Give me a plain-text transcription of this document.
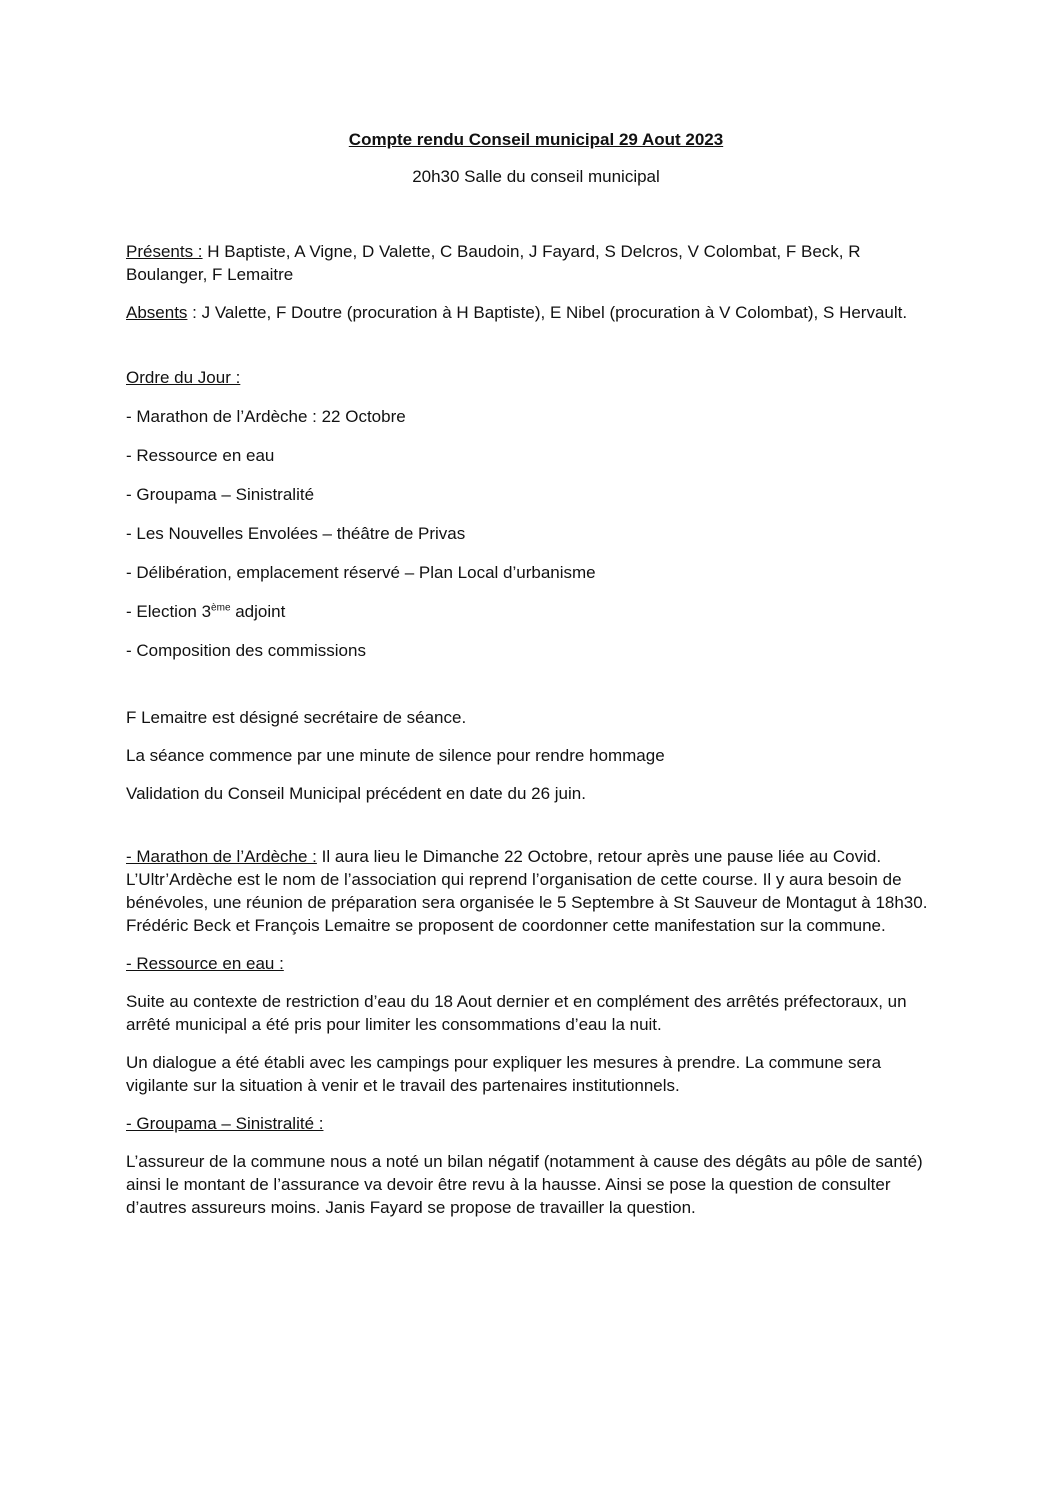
Compte rendu Conseil municipal 29 Aout 2023
20h30 Salle du conseil municipal

Présents : H Baptiste, A Vigne, D Valette, C Baudoin, J Fayard, S Delcros, V Colombat, F Beck, R Boulanger, F Lemaitre

Absents : J Valette, F Doutre (procuration à H Baptiste), E Nibel (procuration à V Colombat), S Hervault.

Ordre du Jour :

- Marathon de l’Ardèche : 22 Octobre

- Ressource en eau

- Groupama – Sinistralité

- Les Nouvelles Envolées – théâtre de Privas

- Délibération, emplacement réservé – Plan Local d’urbanisme

- Election 3ème adjoint

- Composition des commissions

F Lemaitre est désigné secrétaire de séance.

La séance commence par une minute de silence pour rendre hommage

Validation du Conseil Municipal précédent en date du 26 juin.

- Marathon de l’Ardèche : Il aura lieu le Dimanche 22 Octobre, retour après une pause liée au Covid. L’Ultr’Ardèche est le nom de l’association qui reprend l’organisation de cette course. Il y aura besoin de bénévoles, une réunion de préparation sera organisée le 5 Septembre à St Sauveur de Montagut à 18h30. Frédéric Beck et François Lemaitre se proposent de coordonner cette manifestation sur la commune.

- Ressource en eau :

Suite au contexte de restriction d’eau du 18 Aout dernier et en complément des arrêtés préfectoraux, un arrêté municipal a été pris pour limiter les consommations d’eau la nuit.

Un dialogue a été établi avec les campings pour expliquer les mesures à prendre. La commune sera vigilante sur la situation à venir et le travail des partenaires institutionnels.

- Groupama – Sinistralité :

L’assureur de la commune nous a noté un bilan négatif (notamment à cause des dégâts au pôle de santé) ainsi le montant de l’assurance va devoir être revu à la hausse. Ainsi se pose la question de consulter d’autres assureurs moins. Janis Fayard se propose de travailler la question.
